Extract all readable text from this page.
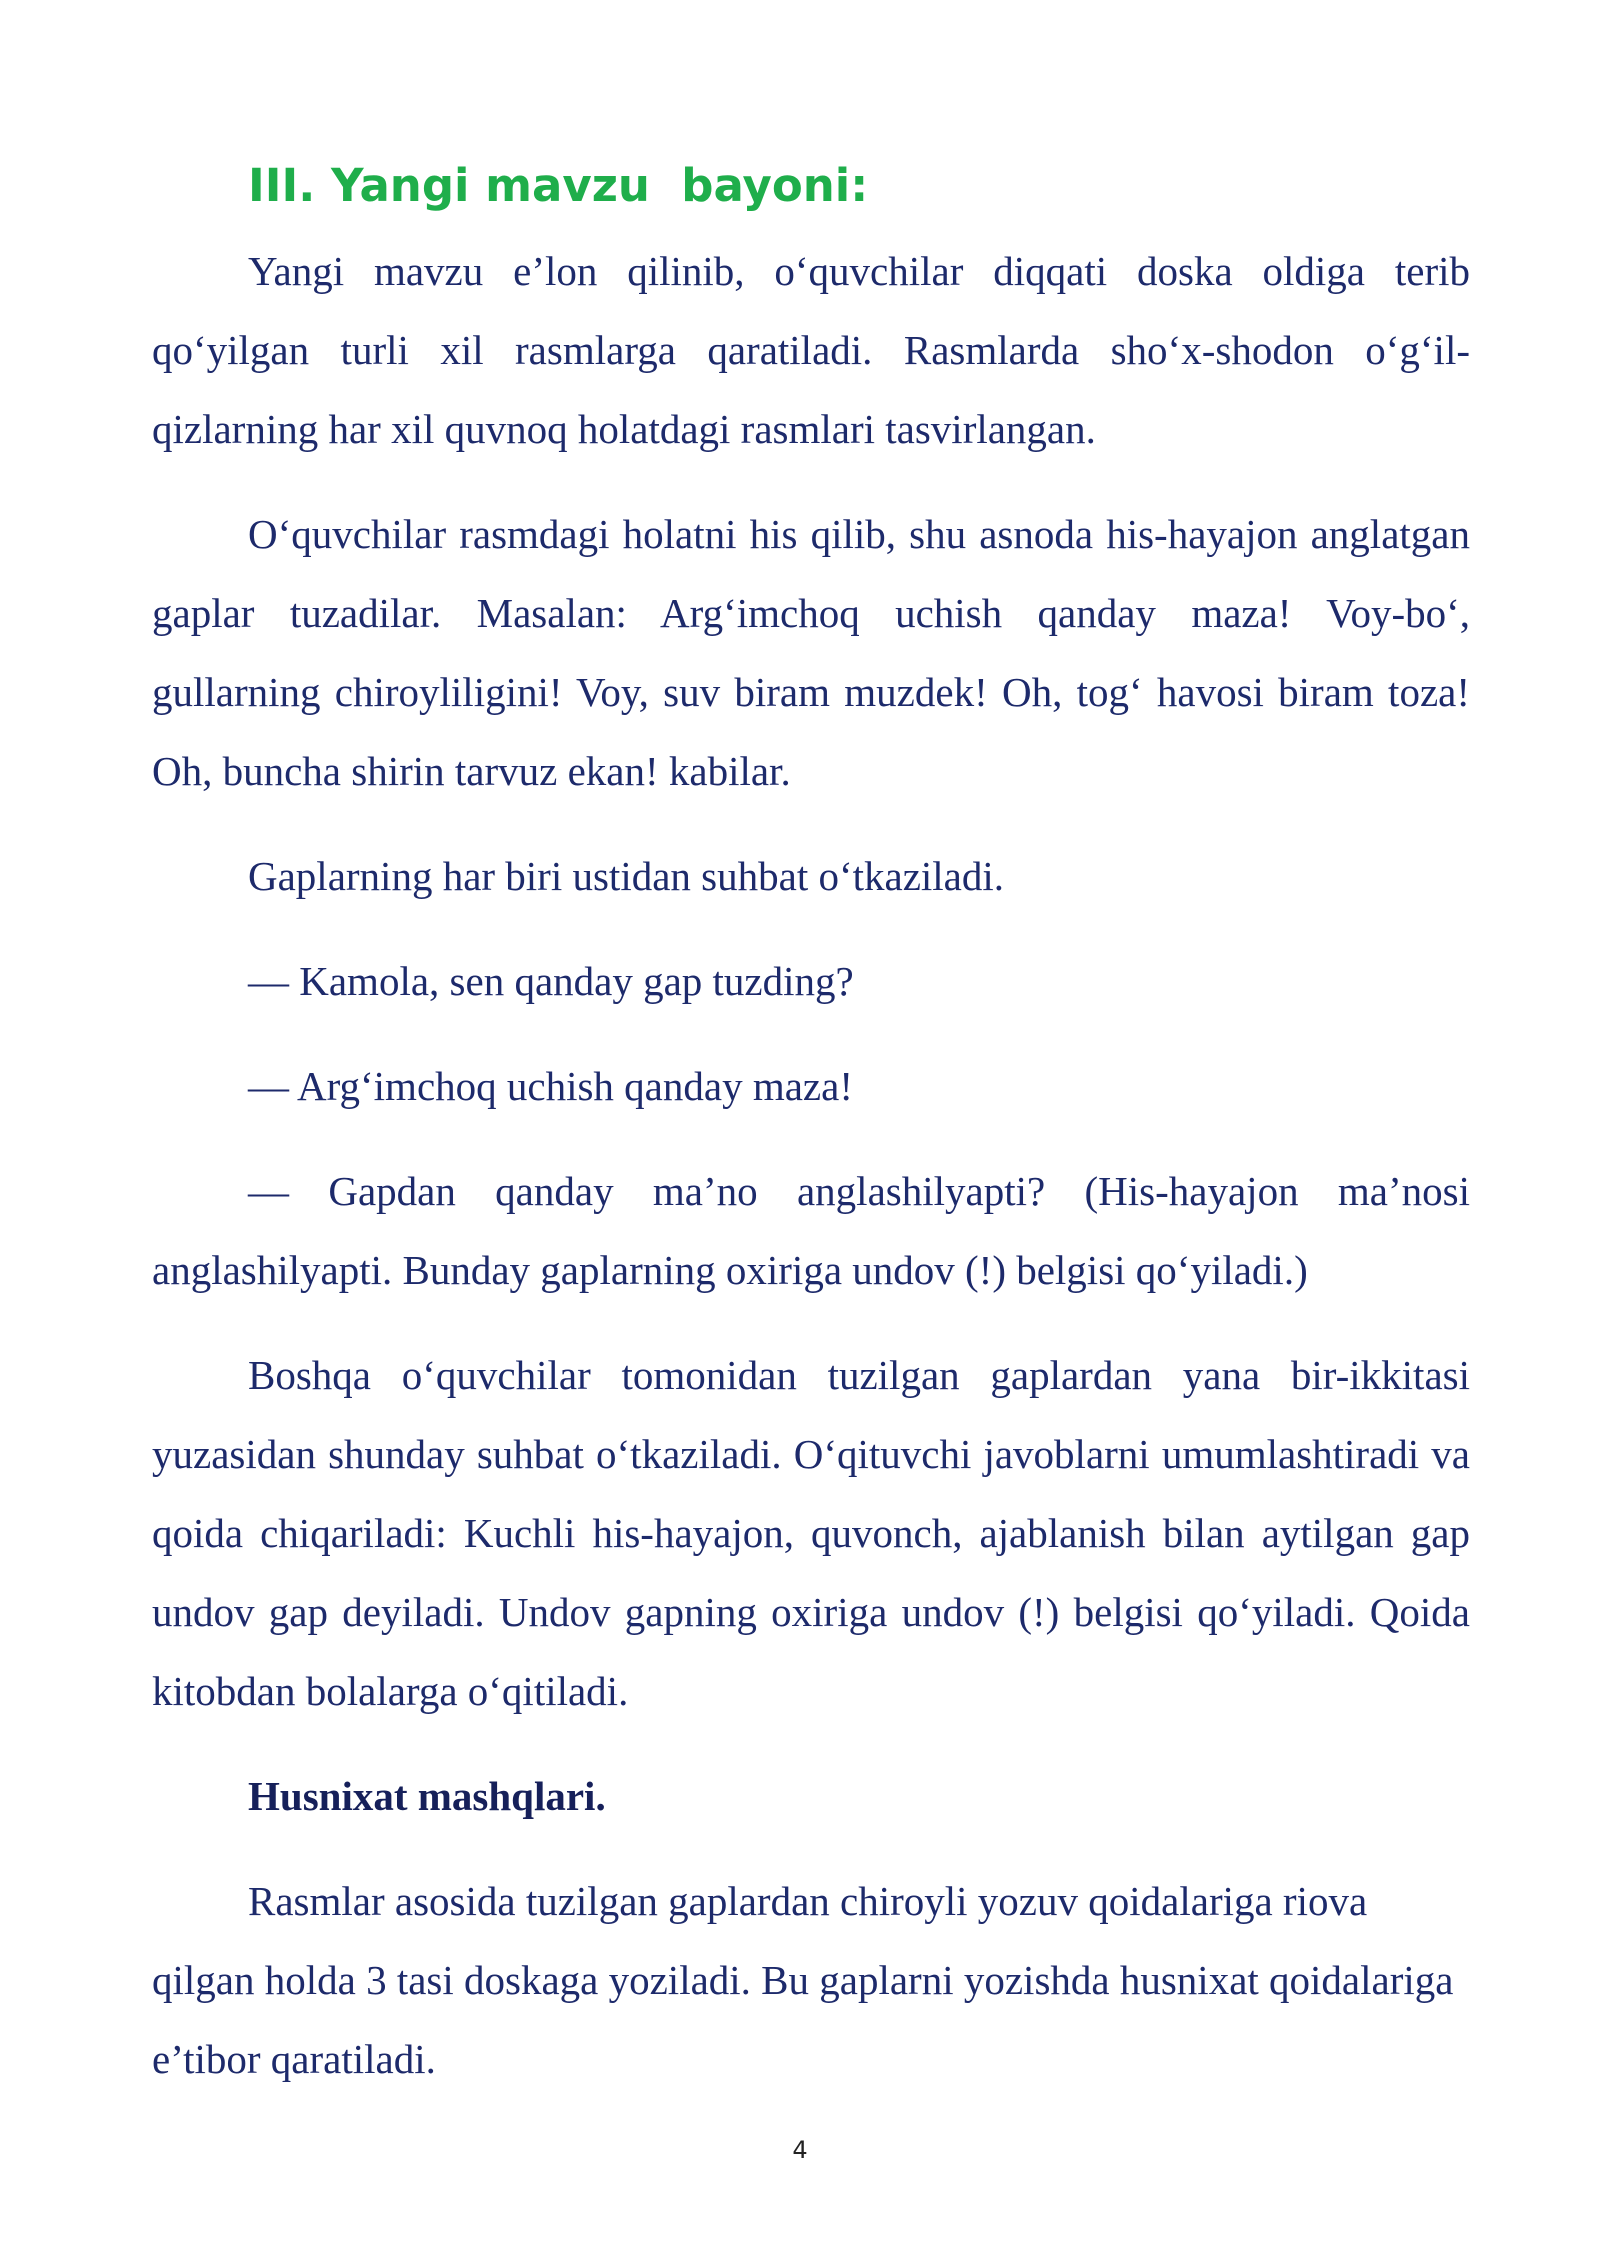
III. Yangi mavzu  bayoni:

Yangi mavzu e’lon qilinib, o‘quvchilar diqqati doska oldiga terib qo‘yilgan turli xil rasmlarga qaratiladi. Rasmlarda sho‘x-shodon o‘g‘il-qizlarning har xil quvnoq holatdagi rasmlari tasvirlangan.

O‘quvchilar rasmdagi holatni his qilib, shu asnoda his-hayajon anglatgan gaplar tuzadilar. Masalan: Arg‘imchoq uchish qanday maza! Voy-bo‘, gullarning chiroyliligini! Voy, suv biram muzdek! Oh, tog‘ havosi biram toza! Oh, buncha shirin tarvuz ekan! kabilar.

Gaplarning har biri ustidan suhbat o‘tkaziladi.

— Kamola, sen qanday gap tuzding?

— Arg‘imchoq uchish qanday maza!

— Gapdan qanday ma’no anglashilyapti? (His-hayajon ma’nosi anglashilyapti. Bunday gaplarning oxiriga undov (!) belgisi qo‘yiladi.)

Boshqa o‘quvchilar tomonidan tuzilgan gaplardan yana bir-ikkitasi yuzasidan shunday suhbat o‘tkaziladi. O‘qituvchi javoblarni umumlashtiradi va qoida chiqariladi: Kuchli his-hayajon, quvonch, ajablanish bilan aytilgan gap undov gap deyiladi. Undov gapning oxiriga undov (!) belgisi qo‘yiladi. Qoida kitobdan bolalarga o‘qitiladi.

Husnixat mashqlari.

Rasmlar asosida tuzilgan gaplardan chiroyli yozuv qoidalariga riova qilgan holda 3 tasi doskaga yoziladi. Bu gaplarni yozishda husnixat qoidalariga e’tibor qaratiladi.

4
